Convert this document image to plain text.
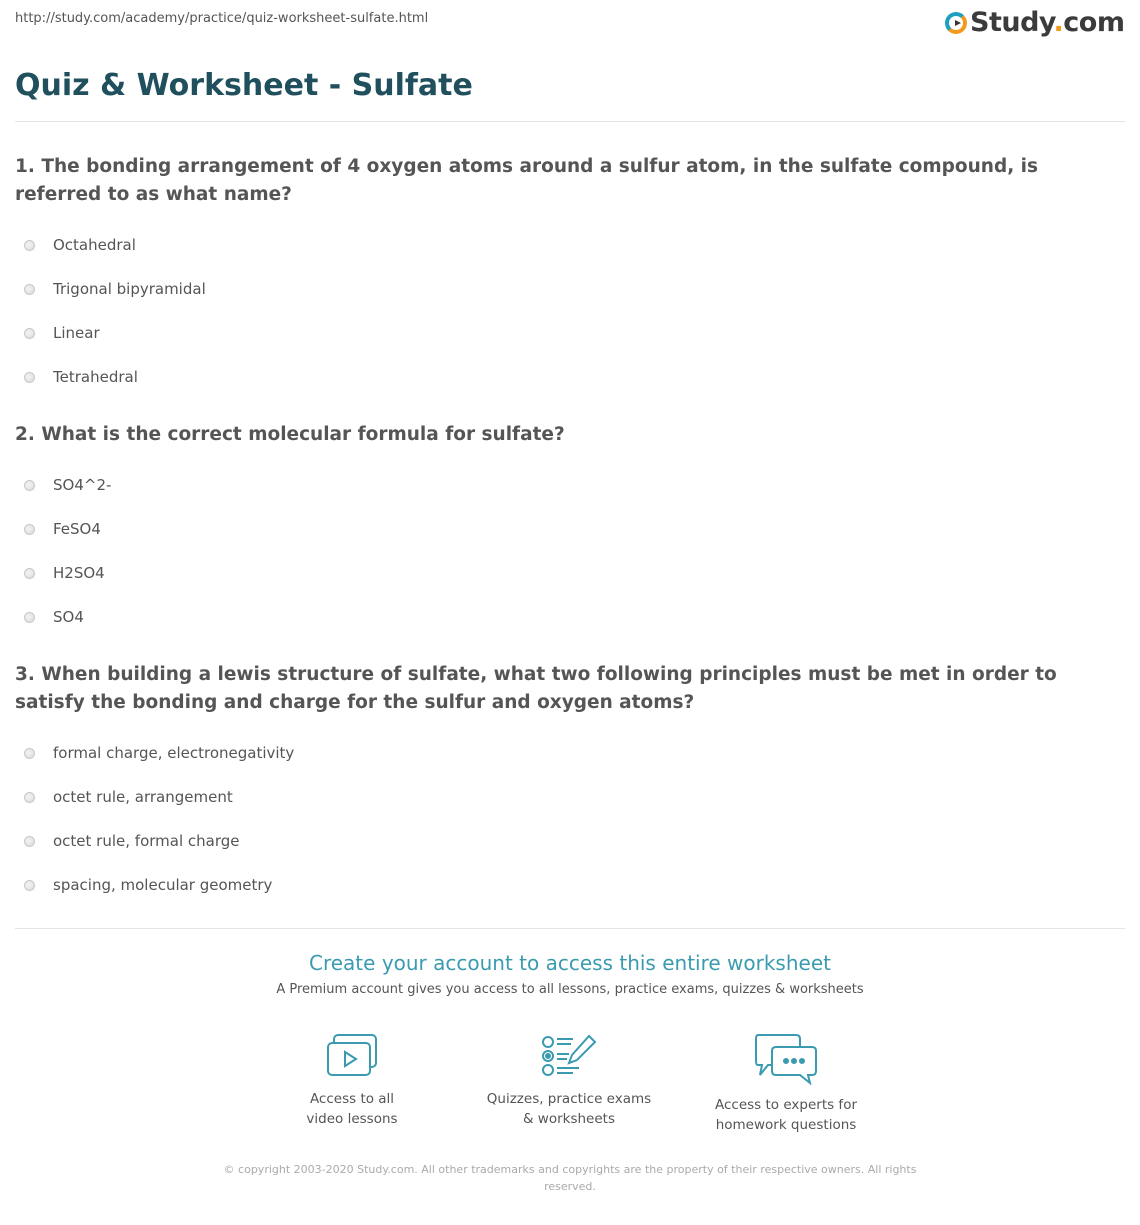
http://study.com/academy/practice/quiz-worksheet-sulfate.html	Study.com
Quiz & Worksheet - Sulfate

1. The bonding arrangement of 4 oxygen atoms around a sulfur atom, in the sulfate compound, is referred to as what name?

Octahedral
Trigonal bipyramidal
Linear
Tetrahedral

2. What is the correct molecular formula for sulfate?

SO4^2-
FeSO4
H2SO4
SO4

3. When building a lewis structure of sulfate, what two following principles must be met in order to satisfy the bonding and charge for the sulfur and oxygen atoms?

formal charge, electronegativity
octet rule, arrangement
octet rule, formal charge
spacing, molecular geometry
Create your account to access this entire worksheet
A Premium account gives you access to all lessons, practice exams, quizzes & worksheets
Access to all
video lessons
Quizzes, practice exams
& worksheets
Access to experts for
homework questions
© copyright 2003-2020 Study.com. All other trademarks and copyrights are the property of their respective owners. All rights reserved.
